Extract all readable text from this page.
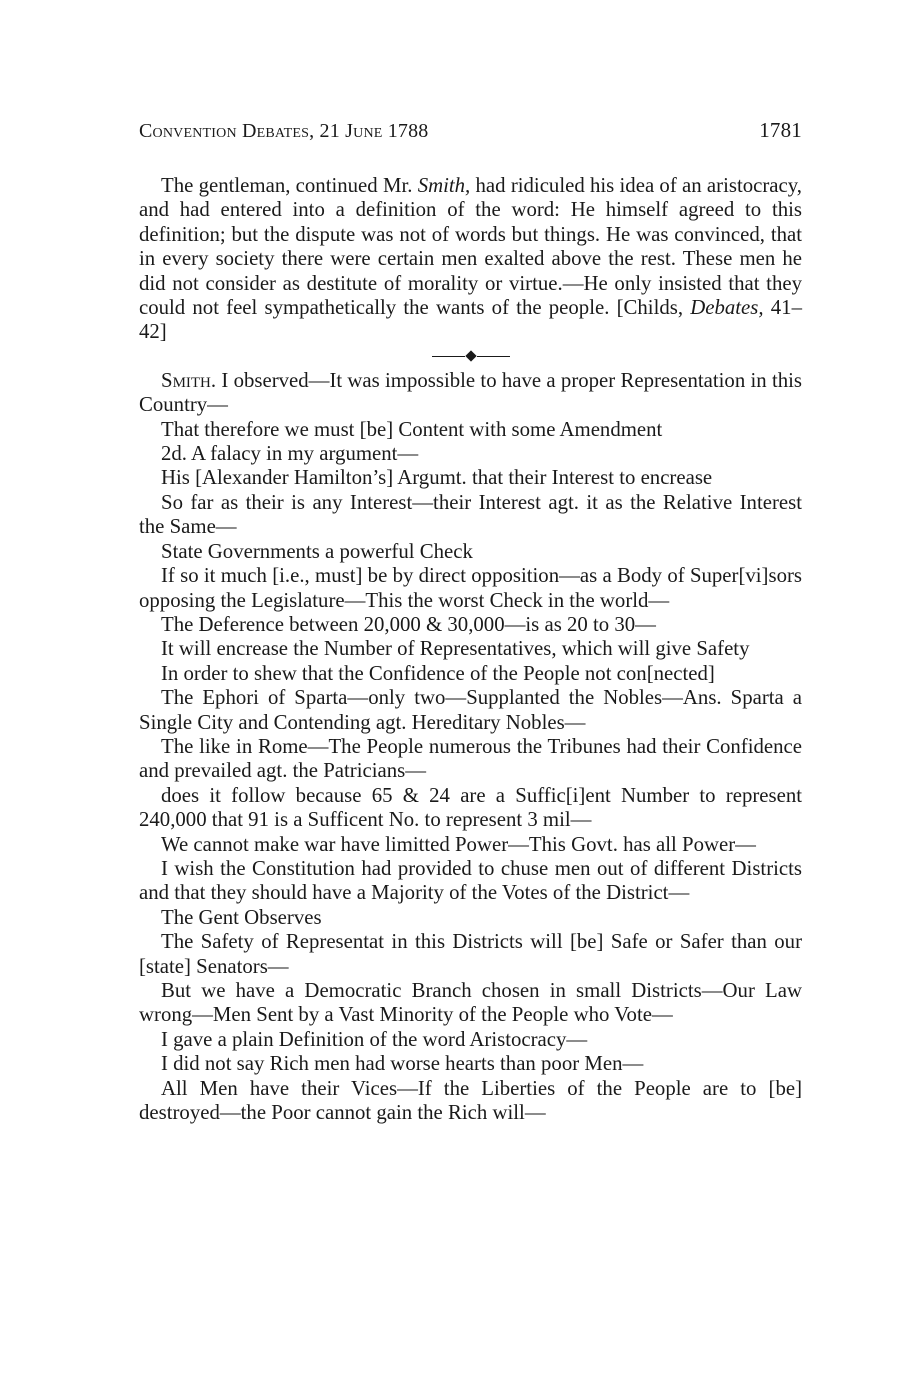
Convention Debates, 21 June 1788	1781

The gentleman, continued Mr. Smith, had ridiculed his idea of an aristocracy, and had entered into a definition of the word: He himself agreed to this definition; but the dispute was not of words but things. He was convinced, that in every society there were certain men exalted above the rest. These men he did not consider as destitute of morality or virtue.—He only insisted that they could not feel sympathetically the wants of the people. [Childs, Debates, 41–42]

Smith. I observed—It was impossible to have a proper Representation in this Country—

That therefore we must [be] Content with some Amendment

2d. A falacy in my argument—

His [Alexander Hamilton’s] Argumt. that their Interest to encrease

So far as their is any Interest—their Interest agt. it as the Relative Interest the Same—

State Governments a powerful Check

If so it much [i.e., must] be by direct opposition—as a Body of Super[vi]sors opposing the Legislature—This the worst Check in the world—

The Deference between 20,000 & 30,000—is as 20 to 30—

It will encrease the Number of Representatives, which will give Safety

In order to shew that the Confidence of the People not con[nected]

The Ephori of Sparta—only two—Supplanted the Nobles—Ans. Sparta a Single City and Contending agt. Hereditary Nobles—

The like in Rome—The People numerous the Tribunes had their Confidence and prevailed agt. the Patricians—

does it follow because 65 & 24 are a Suffic[i]ent Number to represent 240,000 that 91 is a Sufficent No. to represent 3 mil—

We cannot make war have limitted Power—This Govt. has all Power—

I wish the Constitution had provided to chuse men out of different Districts and that they should have a Majority of the Votes of the District—

The Gent Observes

The Safety of Representat in this Districts will [be] Safe or Safer than our [state] Senators—

But we have a Democratic Branch chosen in small Districts—Our Law wrong—Men Sent by a Vast Minority of the People who Vote—

I gave a plain Definition of the word Aristocracy—

I did not say Rich men had worse hearts than poor Men—

All Men have their Vices—If the Liberties of the People are to [be] destroyed—the Poor cannot gain the Rich will—
